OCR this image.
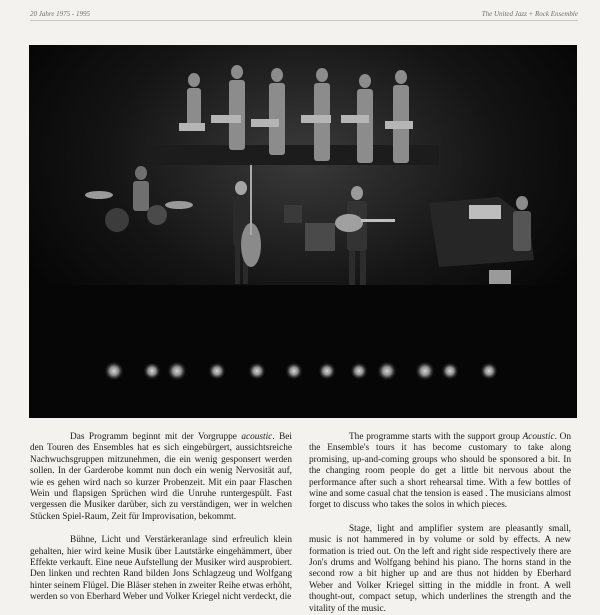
20 Jahre 1975 - 1995	The United Jazz + Rock Ensemble

Das Programm beginnt mit der Vorgruppe acoustic. Bei den Touren des Ensembles hat es sich eingebürgert, aussichtsreiche Nachwuchsgruppen mitzunehmen, die ein wenig gesponsert werden sollen. In der Garderobe kommt nun doch ein wenig Nervosität auf, wie es gehen wird nach so kurzer Probenzeit. Mit ein paar Flaschen Wein und flapsigen Sprüchen wird die Unruhe runtergespült. Fast vergessen die Musiker darüber, sich zu verständigen, wer in welchen Stücken Spiel-Raum, Zeit für Improvisation, bekommt.

Bühne, Licht und Verstärkeranlage sind erfreulich klein gehalten, hier wird keine Musik über Lautstärke eingehämmert, über Effekte verkauft. Eine neue Aufstellung der Musiker wird ausprobiert. Den linken und rechten Rand bilden Jons Schlagzeug und Wolfgang hinter seinem Flügel. Die Bläser stehen in zweiter Reihe etwas erhöht, werden so von Eberhard Weber und Volker Kriegel nicht verdeckt, die

The programme starts with the support group Acoustic. On the Ensemble's tours it has become customary to take along promising, up-and-coming groups who should be sponsored a bit. In the changing room people do get a little bit nervous about the performance after such a short rehearsal time. With a few bottles of wine and some casual chat the tension is eased . The musicians almost forget to discuss who takes the solos in which pieces.

Stage, light and amplifier system are pleasantly small, music is not hammered in by volume or sold by effects. A new formation is tried out. On the left and right side respectively there are Jon's drums and Wolfgang behind his piano. The horns stand in the second row a bit higher up and are thus not hidden by Eberhard Weber and Volker Kriegel sitting in the middle in front. A well thought-out, compact setup, which underlines the strength and the vitality of the music.
